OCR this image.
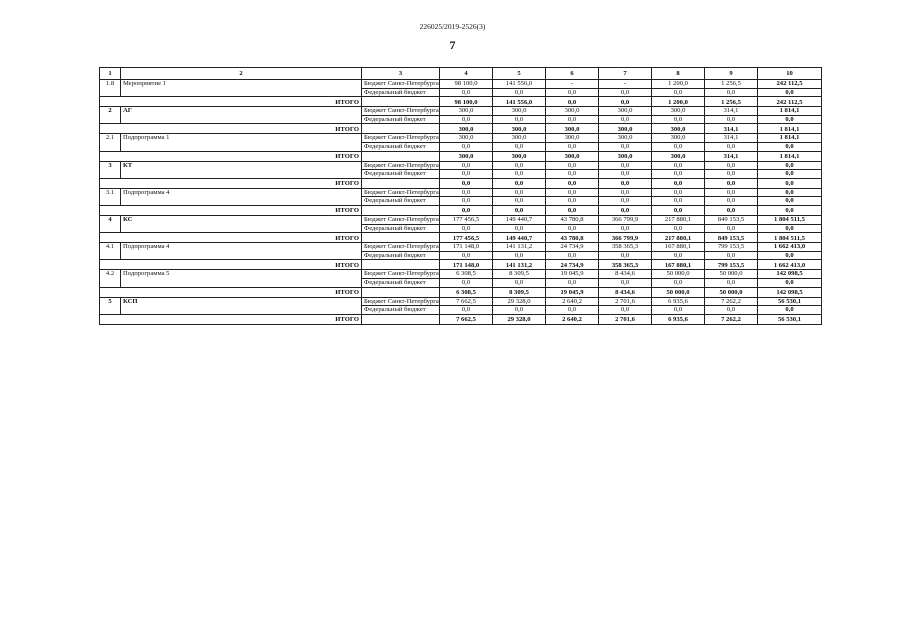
226025/2019-2526(3)
7
1	2	3	4	5	6	7	8	9	10
1.8	Мероприятие 1	Бюджет Санкт-Петербурга	98 100,0	141 556,0	-	-	1 200,0	1 256,5	242 112,5
		Федеральный бюджет	0,0	0,0	0,0	0,0	0,0	0,0	0,0
ИТОГО			98 100,0	141 556,0	0,0	0,0	1 200,0	1 256,5	242 112,5
2	АГ	Бюджет Санкт-Петербурга	300,0	300,0	300,0	300,0	300,0	314,1	1 814,1
		Федеральный бюджет	0,0	0,0	0,0	0,0	0,0	0,0	0,0
ИТОГО			300,0	300,0	300,0	300,0	300,0	314,1	1 814,1
2.1	Подпрограмма 1	Бюджет Санкт-Петербурга	300,0	300,0	300,0	300,0	300,0	314,1	1 814,1
		Федеральный бюджет	0,0	0,0	0,0	0,0	0,0	0,0	0,0
ИТОГО			300,0	300,0	300,0	300,0	300,0	314,1	1 814,1
3	КТ	Бюджет Санкт-Петербурга	0,0	0,0	0,0	0,0	0,0	0,0	0,0
		Федеральный бюджет	0,0	0,0	0,0	0,0	0,0	0,0	0,0
ИТОГО			0,0	0,0	0,0	0,0	0,0	0,0	0,0
3.1	Подпрограмма 4	Бюджет Санкт-Петербурга	0,0	0,0	0,0	0,0	0,0	0,0	0,0
		Федеральный бюджет	0,0	0,0	0,0	0,0	0,0	0,0	0,0
ИТОГО			0,0	0,0	0,0	0,0	0,0	0,0	0,0
4	КС	Бюджет Санкт-Петербурга	177 456,5	149 440,7	43 780,8	366 799,9	217 880,1	849 153,5	1 804 511,5
		Федеральный бюджет	0,0	0,0	0,0	0,0	0,0	0,0	0,0
ИТОГО			177 456,5	149 440,7	43 780,8	366 799,9	217 880,1	849 153,5	1 804 511,5
4.1	Подпрограмма 4	Бюджет Санкт-Петербурга	171 148,0	141 131,2	24 734,9	358 365,3	167 880,1	799 153,5	1 662 413,0
		Федеральный бюджет	0,0	0,0	0,0	0,0	0,0	0,0	0,0
ИТОГО			171 148,0	141 131,2	24 734,9	358 365,3	167 880,1	799 153,5	1 662 413,0
4.2	Подпрограмма 5	Бюджет Санкт-Петербурга	6 308,5	8 309,5	19 045,9	8 434,6	50 000,0	50 000,0	142 098,5
		Федеральный бюджет	0,0	0,0	0,0	0,0	0,0	0,0	0,0
ИТОГО			6 308,5	8 309,5	19 045,9	8 434,6	50 000,0	50 000,0	142 098,5
5	КСП	Бюджет Санкт-Петербурга	7 662,5	29 328,0	2 640,2	2 701,6	6 935,6	7 262,2	56 530,1
		Федеральный бюджет	0,0	0,0	0,0	0,0	0,0	0,0	0,0
ИТОГО			7 662,5	29 328,0	2 640,2	2 701,6	6 935,6	7 262,2	56 530,1
